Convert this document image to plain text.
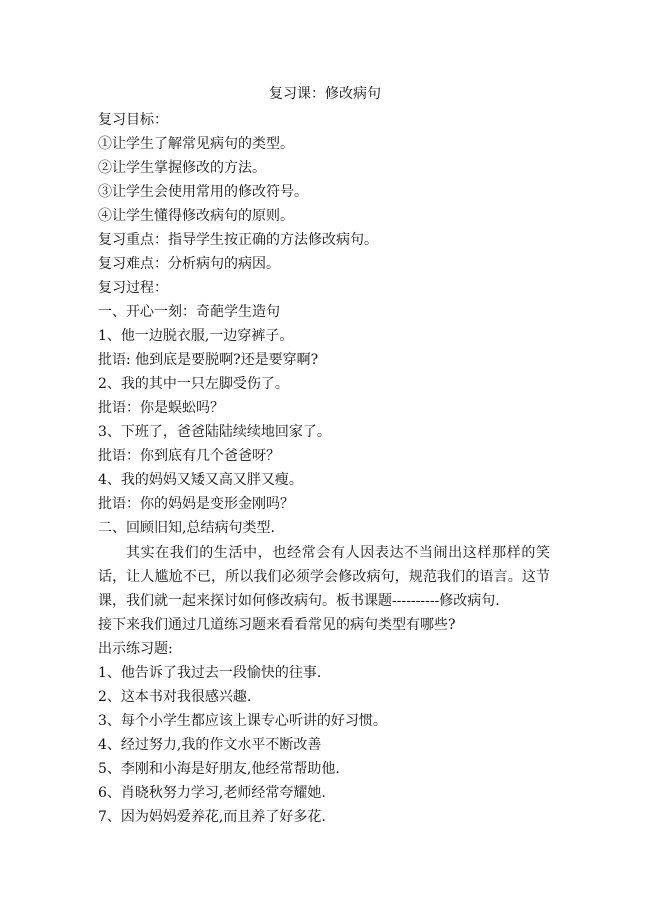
复习课：修改病句
复习目标：
①让学生了解常见病句的类型。
②让学生掌握修改的方法。
③让学生会使用常用的修改符号。
④让学生懂得修改病句的原则。
复习重点：指导学生按正确的方法修改病句。
复习难点：分析病句的病因。
复习过程：
一、开心一刻：奇葩学生造句
1、他一边脱衣服,一边穿裤子。
批语: 他到底是要脱啊?还是要穿啊?
2、我的其中一只左脚受伤了。
批语：你是蜈蚣吗？
3、下班了，爸爸陆陆续续地回家了。
批语：你到底有几个爸爸呀？
4、我的妈妈又矮又高又胖又瘦。
批语：你的妈妈是变形金刚吗？
二、回顾旧知,总结病句类型.

其实在我们的生活中，也经常会有人因表达不当闹出这样那样的笑话，让人尴尬不已，所以我们必须学会修改病句，规范我们的语言。这节课，我们就一起来探讨如何修改病句。板书课题----------修改病句.

接下来我们通过几道练习题来看看常见的病句类型有哪些?
出示练习题:
1、他告诉了我过去一段愉快的往事.
2、这本书对我很感兴趣.
3、每个小学生都应该上课专心听讲的好习惯。
4、经过努力,我的作文水平不断改善
5、李刚和小海是好朋友,他经常帮助他.
6、肖晓秋努力学习,老师经常夸耀她.
7、因为妈妈爱养花,而且养了好多花.
